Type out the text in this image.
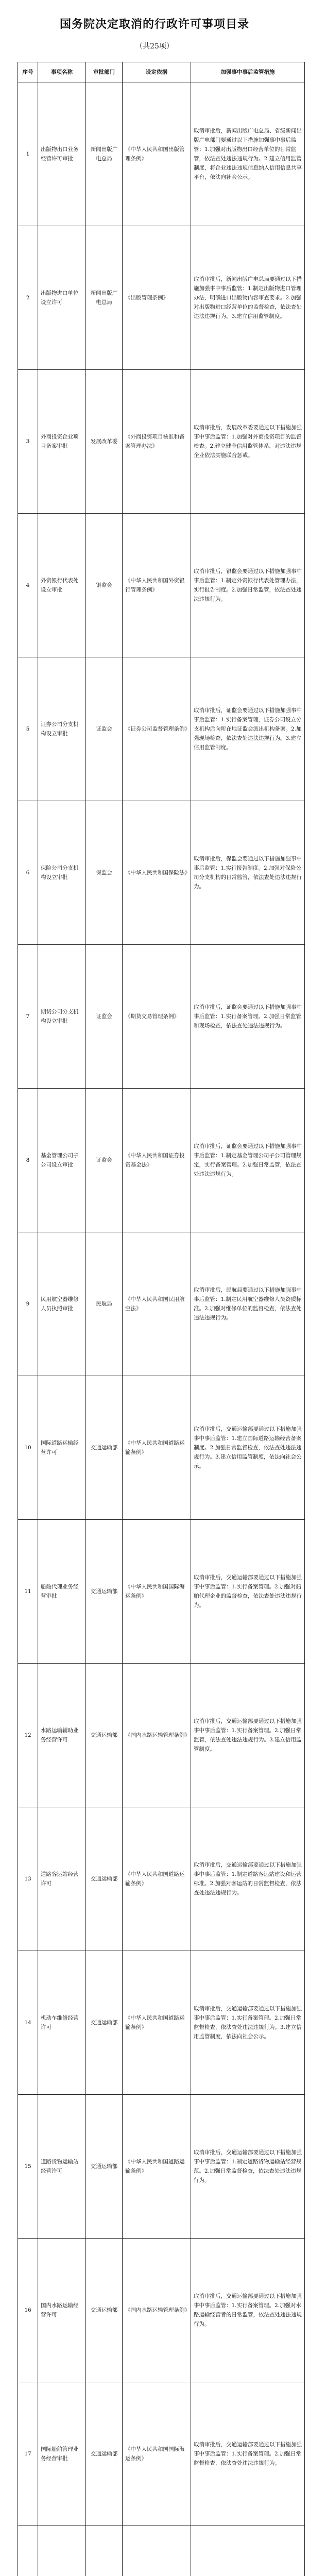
国务院决定取消的行政许可事项目录
（共25项）
序号	事项名称	审批部门	设定依据	加强事中事后监管措施
1	出版物出口业务经营许可审批	新闻出版广电总局	《中华人民共和国出版管理条例》	取消审批后，新闻出版广电总局、省级新闻出版广电部门要通过以下措施加强事中事后监管：1.加强对出版物出口经营单位的日常监管，依法查处违法违规行为。2.建立信用监管制度，将企业违法违规信息纳入信用信息共享平台，依法向社会公示。
2	出版物进口单位设立许可	新闻出版广电总局	《出版管理条例》	取消审批后，新闻出版广电总局要通过以下措施加强事中事后监管：1.制定出版物进口管理办法，明确进口出版物内容审查要求。2.加强对出版物进口经营单位的监督检查，依法查处违法违规行为。3.建立信用监管制度。
3	外商投资企业项目备案审批	发展改革委	《外商投资项目核准和备案管理办法》	取消审批后，发展改革委要通过以下措施加强事中事后监管：1.加强对外商投资项目的监督检查。2.建立健全信用监管体系，对违法违规企业依法实施联合惩戒。
4	外资银行代表处设立审批	银监会	《中华人民共和国外资银行管理条例》	取消审批后，银监会要通过以下措施加强事中事后监管：1.制定外资银行代表处管理办法，实行报告制度。2.加强日常监管，依法查处违法违规行为。
5	证券公司分支机构设立审批	证监会	《证券公司监督管理条例》	取消审批后，证监会要通过以下措施加强事中事后监管：1.实行备案管理，证券公司设立分支机构后向所在地证监会派出机构备案。2.加强现场检查，依法查处违法违规行为。3.建立信用监管制度。
6	保险公司分支机构设立审批	保监会	《中华人民共和国保险法》	取消审批后，保监会要通过以下措施加强事中事后监管：1.实行报告制度。2.加强对保险公司分支机构的日常监管，依法查处违法违规行为。
7	期货公司分支机构设立审批	证监会	《期货交易管理条例》	取消审批后，证监会要通过以下措施加强事中事后监管：1.实行备案管理。2.加强日常监管和现场检查，依法查处违法违规行为。
8	基金管理公司子公司设立审批	证监会	《中华人民共和国证券投资基金法》	取消审批后，证监会要通过以下措施加强事中事后监管：1.制定基金管理公司子公司管理规定，实行备案管理。2.加强日常监管，依法查处违法违规行为。
9	民用航空器维修人员执照审批	民航局	《中华人民共和国民用航空法》	取消审批后，民航局要通过以下措施加强事中事后监管：1.制定民用航空器维修人员资质标准。2.加强对维修单位的监督检查，依法查处违法违规行为。
10	国际道路运输经营许可	交通运输部	《中华人民共和国道路运输条例》	取消审批后，交通运输部要通过以下措施加强事中事后监管：1.建立国际道路运输经营备案制度。2.加强日常监督检查，依法查处违法违规行为。3.建立信用监管制度，依法向社会公示。
11	船舶代理业务经营审批	交通运输部	《中华人民共和国国际海运条例》	取消审批后，交通运输部要通过以下措施加强事中事后监管：1.实行备案管理。2.加强对船舶代理企业的监督检查，依法查处违法违规行为。
12	水路运输辅助业务经营许可	交通运输部	《国内水路运输管理条例》	取消审批后，交通运输部要通过以下措施加强事中事后监管：1.实行备案管理。2.加强日常监管，依法查处违法违规行为。3.建立信用监管制度。
13	道路客运站经营许可	交通运输部	《中华人民共和国道路运输条例》	取消审批后，交通运输部要通过以下措施加强事中事后监管：1.制定道路客运站建设和运营标准。2.加强对客运站的日常监督检查，依法查处违法违规行为。
14	机动车维修经营许可	交通运输部	《中华人民共和国道路运输条例》	取消审批后，交通运输部要通过以下措施加强事中事后监管：1.实行备案管理。2.加强日常监督检查，依法查处违法违规行为。3.建立信用监管制度，依法向社会公示。
15	道路货物运输站经营许可	交通运输部	《中华人民共和国道路运输条例》	取消审批后，交通运输部要通过以下措施加强事中事后监管：1.制定道路货物运输站经营规范。2.加强日常监督检查，依法查处违法违规行为。
16	国内水路运输经营许可	交通运输部	《国内水路运输管理条例》	取消审批后，交通运输部要通过以下措施加强事中事后监管：1.实行备案管理。2.加强对水路运输经营者的日常监管，依法查处违法违规行为。
17	国际船舶管理业务经营审批	交通运输部	《中华人民共和国国际海运条例》	取消审批后，交通运输部要通过以下措施加强事中事后监管：1.实行备案管理。2.加强日常监督检查，依法查处违法违规行为。
